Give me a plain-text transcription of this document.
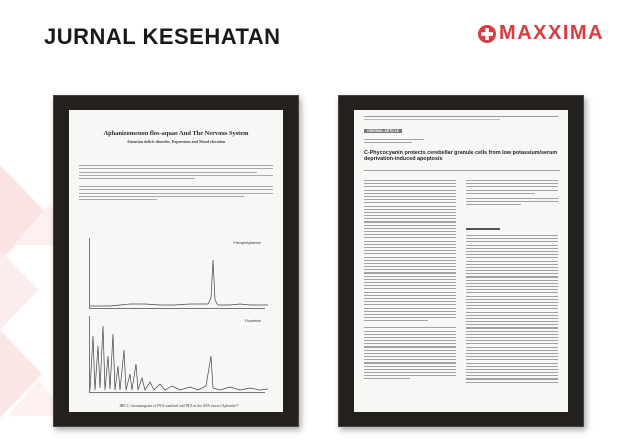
JURNAL KESEHATAN	MAXXIMA
Aphanizomenon flos-aquae And The Nervous System
Attention deficit disorder, Depression and Mood elevation
Phenylethylamine
Fluoxetine
HPLC chromatogram of PEA standard and PEA in the AFA extract Aphanin™
ORIGINAL ARTICLE
C-Phycocyanin protects cerebellar granule cells from low potassium/serum deprivation-induced apoptosis
